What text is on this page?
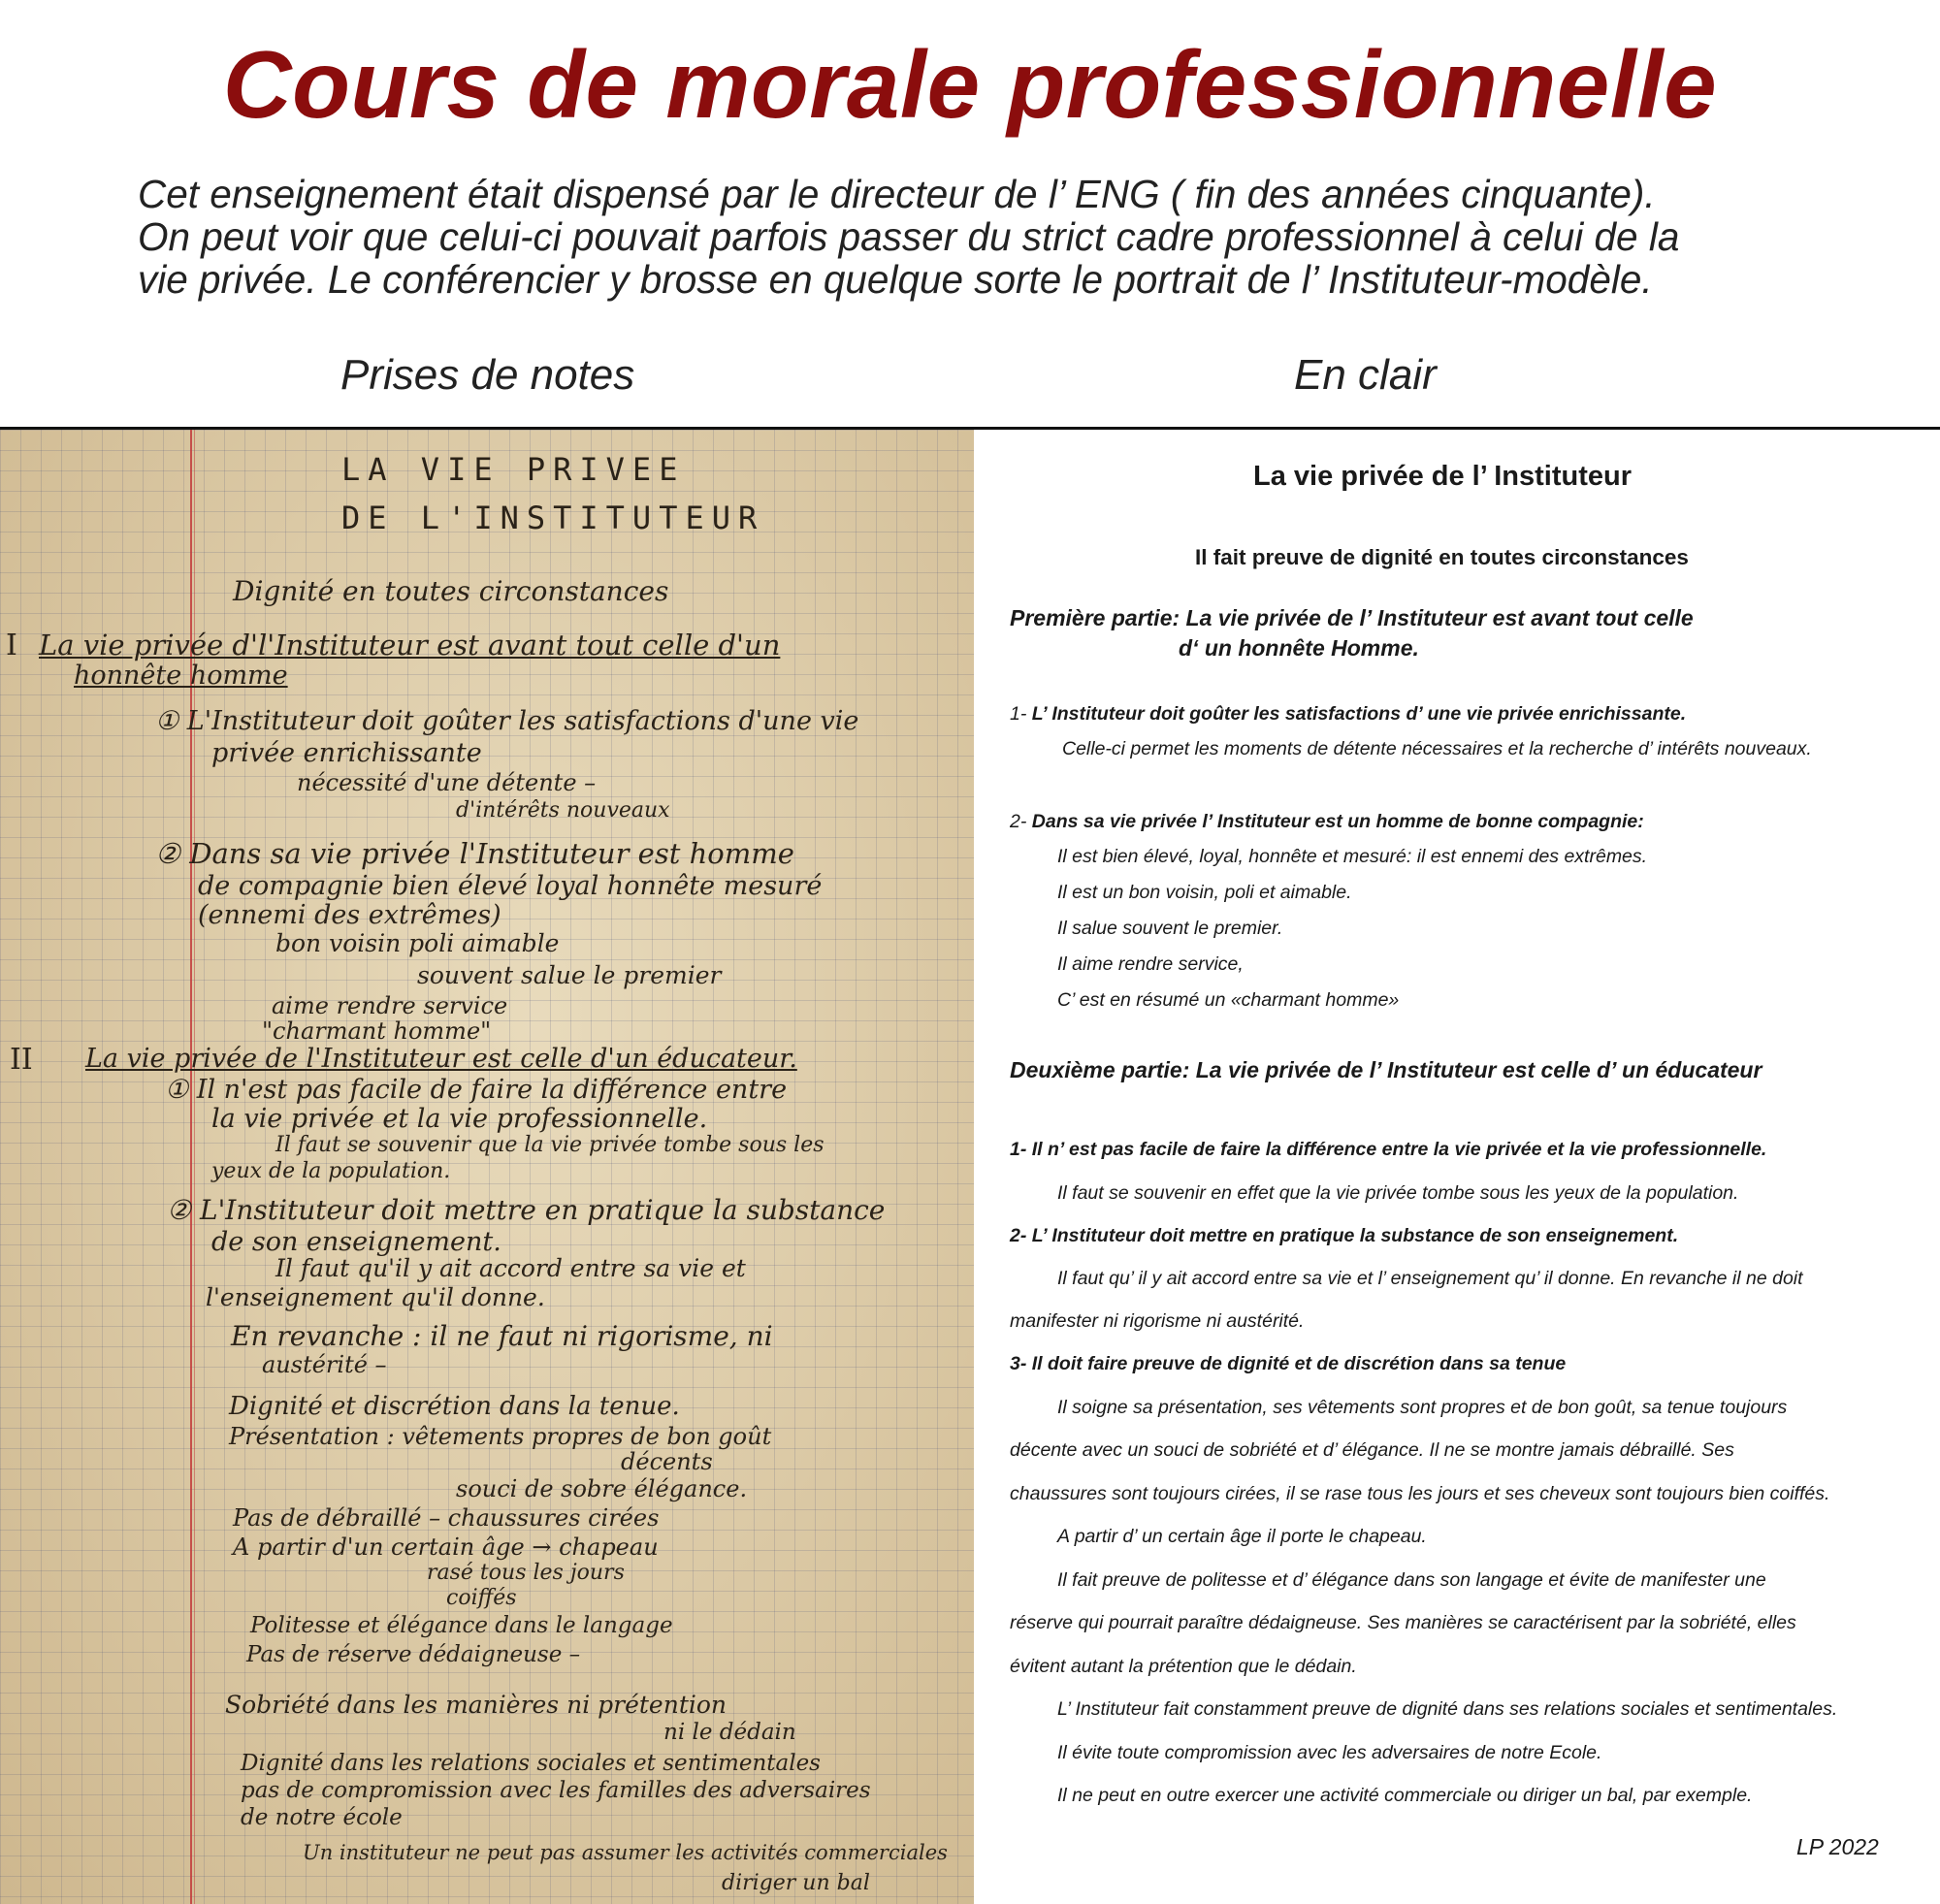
Cours de morale professionnelle
Cet enseignement était dispensé par le directeur de l’ ENG ( fin des années cinquante).
On peut voir que celui-ci pouvait parfois passer du strict cadre professionnel à celui de la
vie privée. Le conférencier y brosse en quelque sorte le portrait de l’ Instituteur-modèle.
Prises de notes	En clair
LA VIE PRIVEE
DE L'INSTITUTEUR
Dignité en toutes circonstances
I La vie privée d'l'Instituteur est avant tout celle d'un
honnête homme
① L'Instituteur doit goûter les satisfactions d'une vie
privée enrichissante
nécessité d'une détente –
d'intérêts nouveaux
② Dans sa vie privée l'Instituteur est homme
de compagnie bien élevé loyal honnête mesuré
(ennemi des extrêmes)
bon voisin poli aimable
souvent salue le premier
aime rendre service
"charmant homme"
II La vie privée de l'Instituteur est celle d'un éducateur.
① Il n'est pas facile de faire la différence entre
la vie privée et la vie professionnelle.
Il faut se souvenir que la vie privée tombe sous les
yeux de la population.
② L'Instituteur doit mettre en pratique la substance
de son enseignement.
Il faut qu'il y ait accord entre sa vie et
l'enseignement qu'il donne.
En revanche : il ne faut ni rigorisme, ni
austérité –
Dignité et discrétion dans la tenue.
Présentation : vêtements propres de bon goût
décents
souci de sobre élégance.
Pas de débraillé – chaussures cirées
A partir d'un certain âge → chapeau
rasé tous les jours
coiffés
Politesse et élégance dans le langage
Pas de réserve dédaigneuse –
Sobriété dans les manières ni prétention
ni le dédain
Dignité dans les relations sociales et sentimentales
pas de compromission avec les familles des adversaires
de notre école
Un instituteur ne peut pas assumer les activités commerciales
diriger un bal
La vie privée de l’ Instituteur
Il fait preuve de dignité en toutes circonstances
Première partie: La vie privée de l’ Instituteur est avant tout celle
d‘ un honnête Homme.
1- L’ Instituteur doit goûter les satisfactions d’ une vie privée enrichissante.
Celle-ci permet les moments de détente nécessaires et la recherche d’ intérêts nouveaux.
2- Dans sa vie privée l’ Instituteur est un homme de bonne compagnie:
Il est bien élevé, loyal, honnête et mesuré: il est ennemi des extrêmes.
Il est un bon voisin, poli et aimable.
Il salue souvent le premier.
Il aime rendre service,
C’ est en résumé un «charmant homme»
Deuxième partie: La vie privée de l’ Instituteur est celle d’ un éducateur
1- Il n’ est pas facile de faire la différence entre la vie privée et la vie professionnelle.
Il faut se souvenir en effet que la vie privée tombe sous les yeux de la population.
2- L’ Instituteur doit mettre en pratique la substance de son enseignement.
Il faut qu’ il y ait accord entre sa vie et l’ enseignement qu’ il donne. En revanche il ne doit
manifester ni rigorisme ni austérité.
3- Il doit faire preuve de dignité et de discrétion dans sa tenue
Il soigne sa présentation, ses vêtements sont propres et de bon goût, sa tenue toujours
décente avec un souci de sobriété et d’ élégance. Il ne se montre jamais débraillé. Ses
chaussures sont toujours cirées, il se rase tous les jours et ses cheveux sont toujours bien coiffés.
A partir d’ un certain âge il porte le chapeau.
Il fait preuve de politesse et d’ élégance dans son langage et évite de manifester une
réserve qui pourrait paraître dédaigneuse. Ses manières se caractérisent par la sobriété, elles
évitent autant la prétention que le dédain.
L’ Instituteur fait constamment preuve de dignité dans ses relations sociales et sentimentales.
Il évite toute compromission avec les adversaires de notre Ecole.
Il ne peut en outre exercer une activité commerciale ou diriger un bal, par exemple.
LP 2022
